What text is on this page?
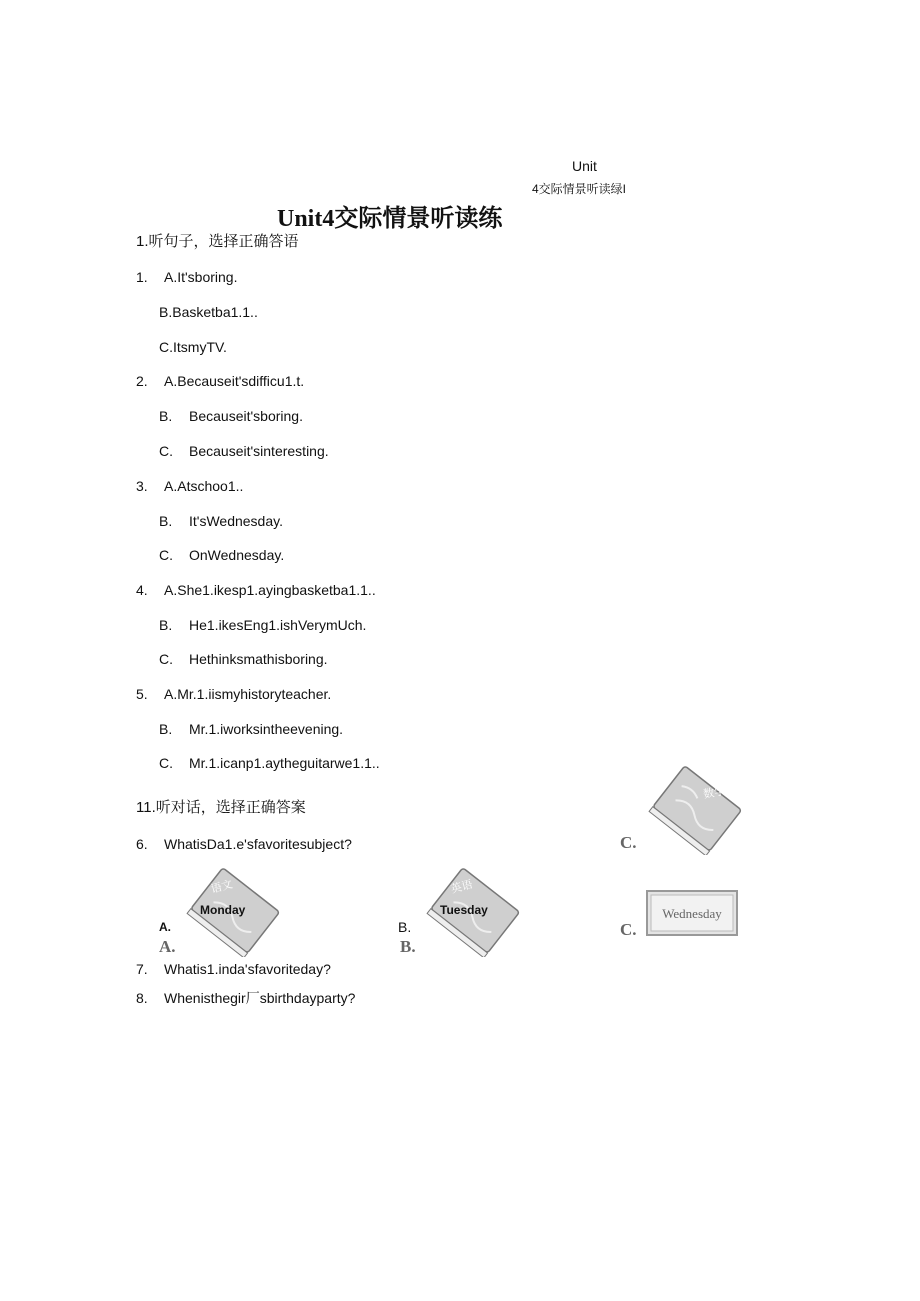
Unit
4交际情景听读绿I
Unit4交际情景听读练
1.听句子，选择正确答语
1. A.It'sboring.
B.Basketba1.1..
C.ItsmyTV.
2. A.Becauseit'sdifficu1.t.
B. Becauseit'sboring.
C. Becauseit'sinteresting.
3. A.Atschoo1..
B. It'sWednesday.
C. OnWednesday.
4. A.She1.ikesp1.ayingbasketba1.1..
B. He1.ikesEng1.ishVerymUch.
C. Hethinksmathisboring.
5. A.Mr.1.iismyhistoryteacher.
B. Mr.1.iworksintheevening.
C. Mr.1.icanp1.aytheguitarwe1.1..
11.听对话，选择正确答案
6. WhatisDa1.e'sfavoritesubject?	C.
数学
语文
Monday
A.
A.
英语
Tuesday
B.
B.
Wednesday
C.
7. Whatis1.inda'sfavoriteday?
8. Whenisthegir厂sbirthdayparty?
